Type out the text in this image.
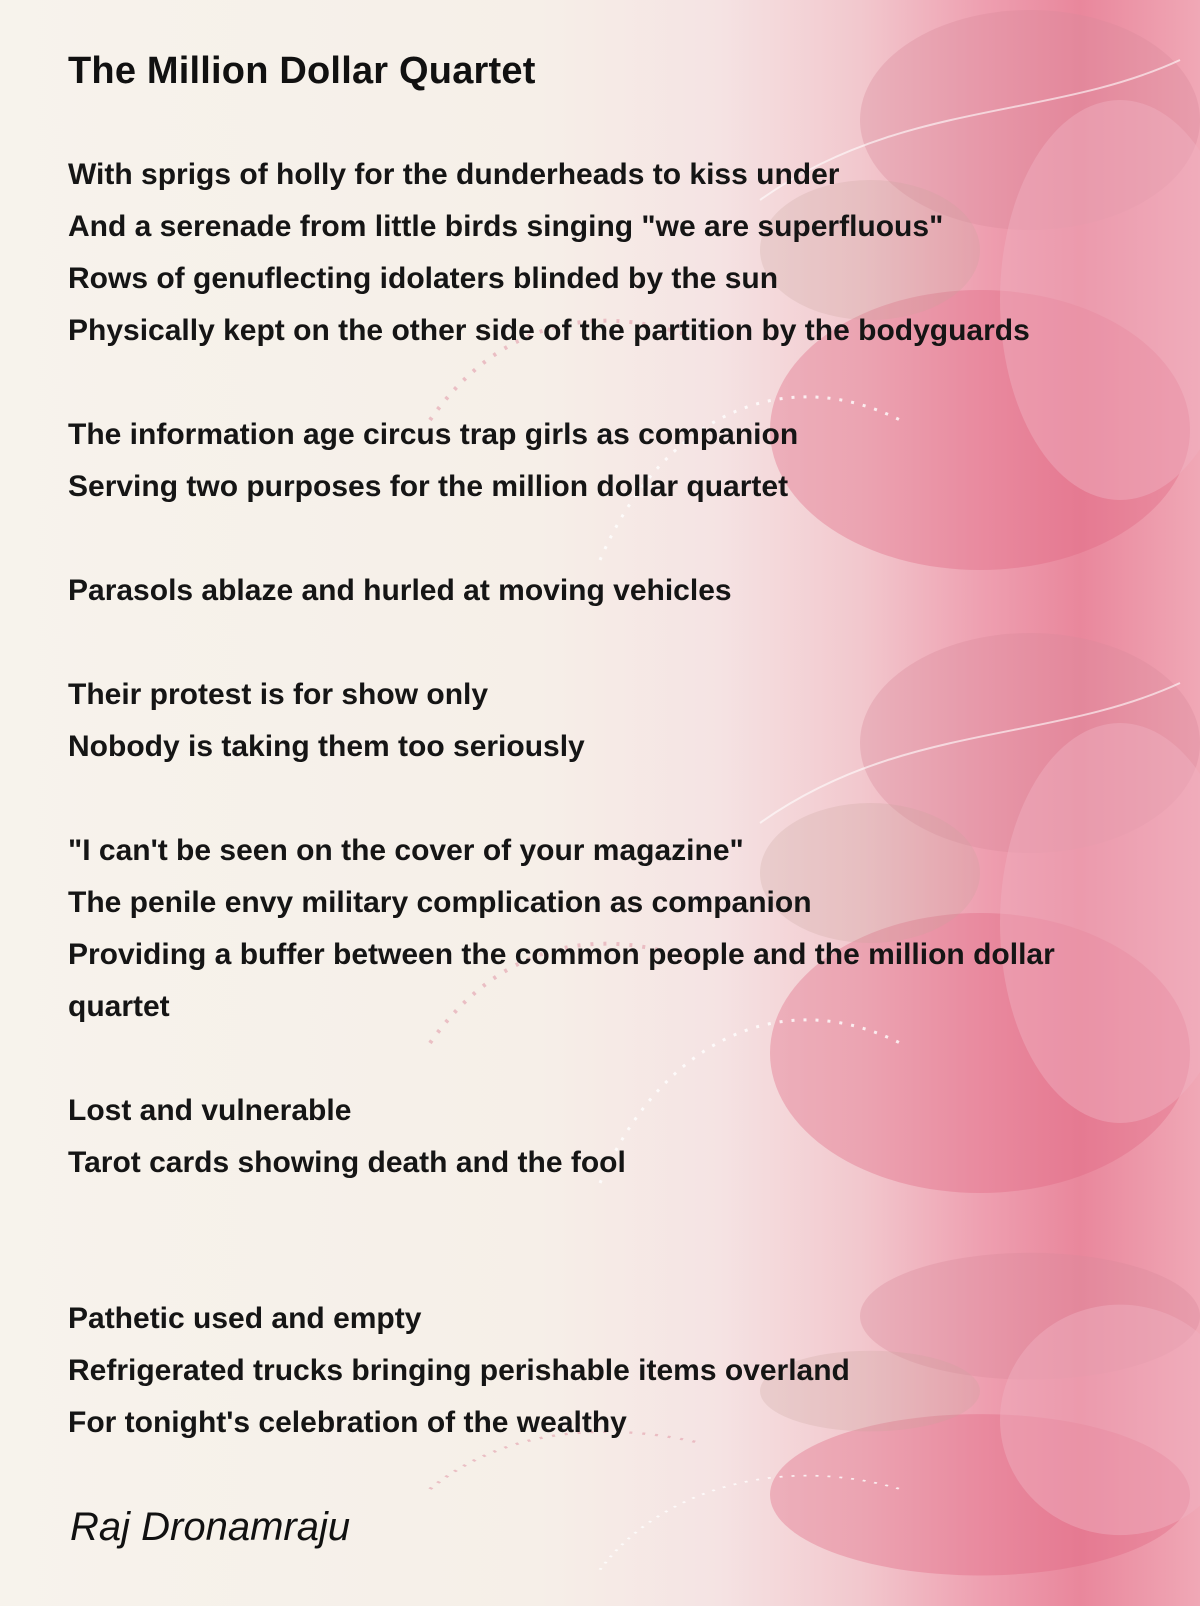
The Million Dollar Quartet
With sprigs of holly for the dunderheads to kiss under
And a serenade from little birds singing "we are superfluous"
Rows of genuflecting idolaters blinded by the sun
Physically kept on the other side of the partition by the bodyguards
The information age circus trap girls as companion
Serving two purposes for the million dollar quartet
Parasols ablaze and hurled at moving vehicles
Their protest is for show only
Nobody is taking them too seriously
"I can't be seen on the cover of your magazine"
The penile envy military complication as companion
Providing a buffer between the common people and the million dollar
quartet
Lost and vulnerable
Tarot cards showing death and the fool
Pathetic used and empty
Refrigerated trucks bringing perishable items overland
For tonight's celebration of the wealthy
Raj Dronamraju
